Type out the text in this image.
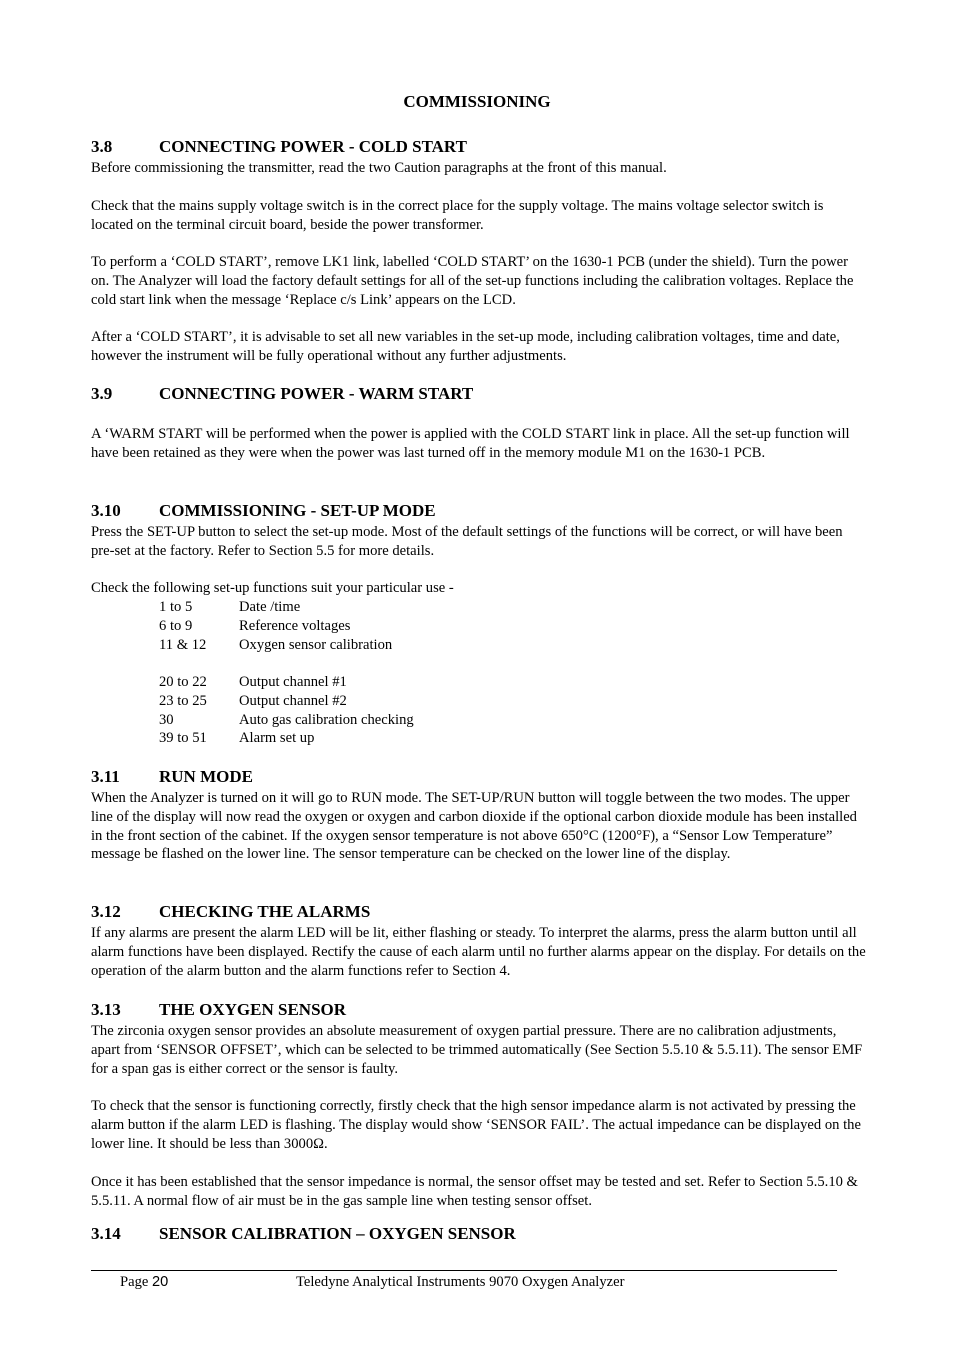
COMMISSIONING
3.8	CONNECTING POWER - COLD START
Before commissioning the transmitter, read the two Caution paragraphs at the front of this manual.
Check that the mains supply voltage switch is in the correct place for the supply voltage. The mains voltage selector switch is located on the terminal circuit board, beside the power transformer.
To perform a ‘COLD START’, remove LK1 link, labelled ‘COLD START’ on the 1630-1 PCB (under the shield). Turn the power on. The Analyzer will load the factory default settings for all of the set-up functions including the calibration voltages. Replace the cold start link when the message ‘Replace c/s Link’ appears on the LCD.
After a ‘COLD START’, it is advisable to set all new variables in the set-up mode, including calibration voltages, time and date, however the instrument will be fully operational without any further adjustments.
3.9	CONNECTING POWER - WARM START
A ‘WARM START will be performed when the power is applied with the COLD START link in place. All the set-up function will have been retained as they were when the power was last turned off in the memory module M1 on the 1630-1 PCB.
3.10 COMMISSIONING - SET-UP MODE
Press the SET-UP button to select the set-up mode. Most of the default settings of the functions will be correct, or will have been pre-set at the factory. Refer to Section 5.5 for more details.
Check the following set-up functions suit your particular use -
1 to 5	Date /time
6 to 9	Reference voltages
11 & 12	Oxygen sensor calibration
20 to 22	Output channel #1
23 to 25	Output channel #2
30	Auto gas calibration checking
39 to 51	Alarm set up
3.11 RUN MODE
When the Analyzer is turned on it will go to RUN mode. The SET-UP/RUN button will toggle between the two modes. The upper line of the display will now read the oxygen or oxygen and carbon dioxide if the optional carbon dioxide module has been installed in the front section of the cabinet. If the oxygen sensor temperature is not above 650°C (1200°F), a “Sensor Low Temperature” message be flashed on the lower line. The sensor temperature can be checked on the lower line of the display.
3.12 CHECKING THE ALARMS
If any alarms are present the alarm LED will be lit, either flashing or steady. To interpret the alarms, press the alarm button until all alarm functions have been displayed. Rectify the cause of each alarm until no further alarms appear on the display. For details on the operation of the alarm button and the alarm functions refer to Section 4.
3.13 THE OXYGEN SENSOR
The zirconia oxygen sensor provides an absolute measurement of oxygen partial pressure. There are no calibration adjustments, apart from ‘SENSOR OFFSET’, which can be selected to be trimmed automatically (See Section 5.5.10 & 5.5.11). The sensor EMF for a span gas is either correct or the sensor is faulty.
To check that the sensor is functioning correctly, firstly check that the high sensor impedance alarm is not activated by pressing the alarm button if the alarm LED is flashing. The display would show ‘SENSOR FAIL’. The actual impedance can be displayed on the lower line. It should be less than 3000Ω.
Once it has been established that the sensor impedance is normal, the sensor offset may be tested and set. Refer to Section 5.5.10 & 5.5.11. A normal flow of air must be in the gas sample line when testing sensor offset.
3.14 SENSOR CALIBRATION – OXYGEN SENSOR
Page 20	Teledyne Analytical Instruments 9070 Oxygen Analyzer
